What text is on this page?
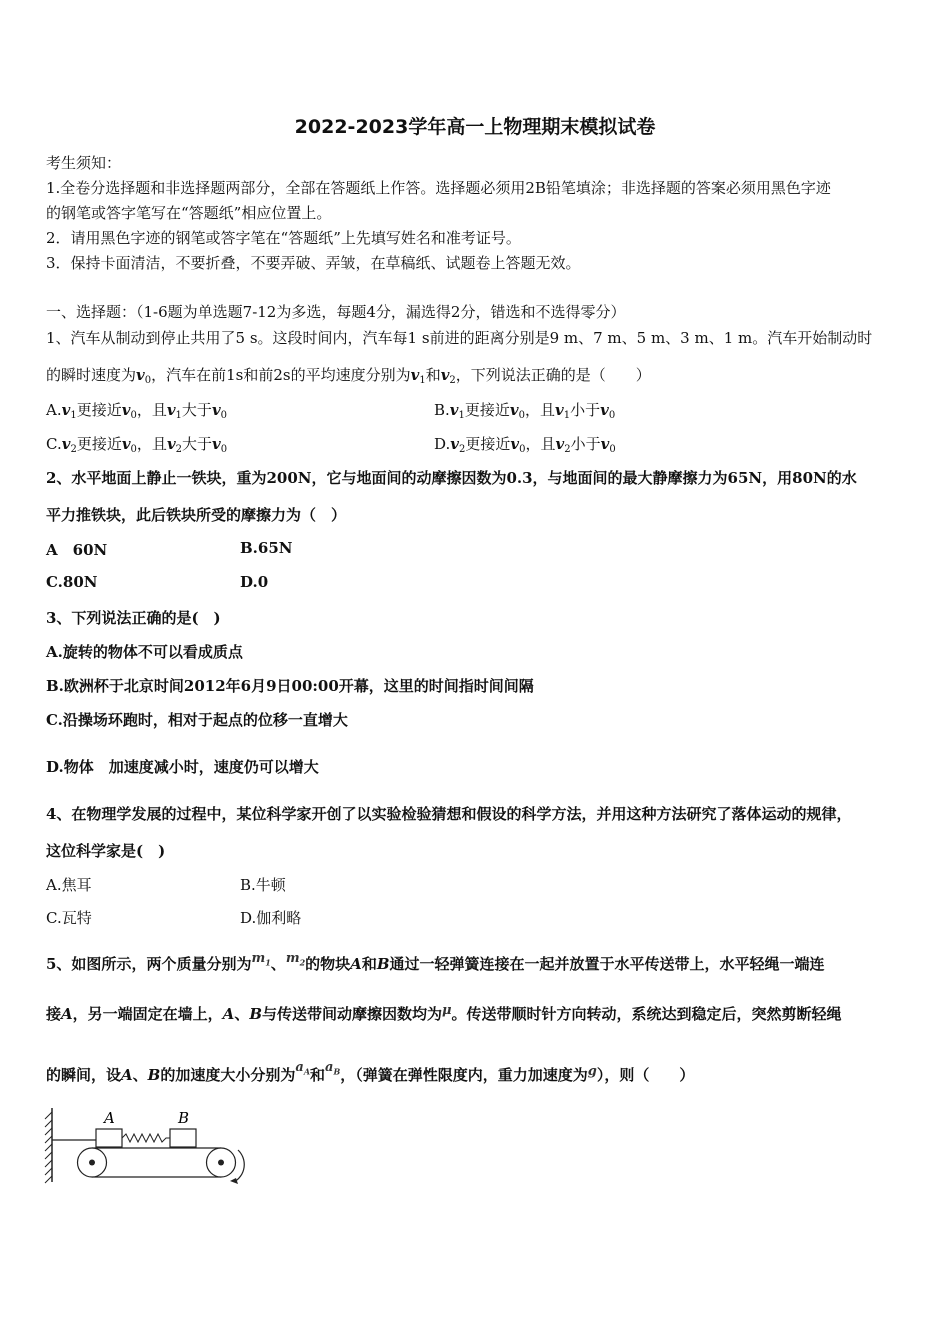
2022-2023学年高一上物理期末模拟试卷
考生须知：
1.全卷分选择题和非选择题两部分，全部在答题纸上作答。选择题必须用2B铅笔填涂；非选择题的答案必须用黑色字迹
的钢笔或答字笔写在“答题纸”相应位置上。
2．请用黑色字迹的钢笔或答字笔在“答题纸”上先填写姓名和准考证号。
3．保持卡面清洁，不要折叠，不要弄破、弄皱，在草稿纸、试题卷上答题无效。
一、选择题：（1-6题为单选题7-12为多选，每题4分，漏选得2分，错选和不选得零分）
1、汽车从制动到停止共用了5 s。这段时间内，汽车每1 s前进的距离分别是9 m、7 m、5 m、3 m、1 m。汽车开始制动时
的瞬时速度为$v_0$，汽车在前1s和前2s的平均速度分别为$v_1$和$v_2$，下列说法正确的是（　　）
$A.v_1$更接近$v_0$，且$v_1$大于$v_0$	$B.v_1$更接近$v_0$，且$v_1$小于$v_0$
$C.v_2$更接近$v_0$，且$v_2$大于$v_0$	$D.v_2$更接近$v_0$，且$v_2$小于$v_0$
2、水平地面上静止一铁块，重为200N，它与地面间的动摩擦因数为0.3，与地面间的最大静摩擦力为65N，用80N的水
平力推铁块，此后铁块所受的摩擦力为（　）
A　60N	B.65N
C.80N	D.0
3、下列说法正确的是(　)
A.旋转的物体不可以看成质点
B.欧洲杯于北京时间2012年6月9日00:00开幕，这里的时间指时间间隔
C.沿操场环跑时，相对于起点的位移一直增大
D.物体　加速度减小时，速度仍可以增大
4、在物理学发展的过程中，某位科学家开创了以实验检验猜想和假设的科学方法，并用这种方法研究了落体运动的规律，
这位科学家是(　)
A.焦耳	B.牛顿
C.瓦特	D.伽利略
5、如图所示，两个质量分别为$m_1$、$m_2$的物块A和B通过一轻弹簧连接在一起并放置于水平传送带上，水平轻绳一端连
接A，另一端固定在墙上，A、B与传送带间动摩擦因数均为μ。传送带顺时针方向转动，系统达到稳定后，突然剪断轻绳
的瞬间，设A、B的加速度大小分别为$a_A$和$a_B$，（弹簧在弹性限度内，重力加速度为g），则（　　）
A	B
